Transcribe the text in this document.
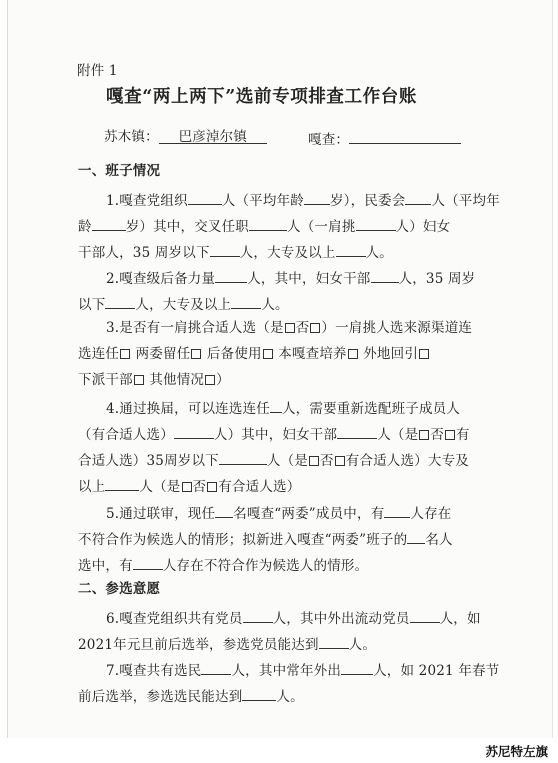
附件 1
嘎查“两上两下”选前专项排查工作台账
苏木镇： 巴彦淖尔镇	嘎查：
一、班子情况
1.嘎查党组织	人（平均年龄 岁），民委会 人（平均年
龄	岁）其中，交叉任职	人（一肩挑	人）妇女
干部人，35 周岁以下 人，大专及以上 人。
2.嘎查级后备力量 人，其中，妇女干部 人，35 周岁
以下 人，大专及以上 人。
3.是否有一肩挑合适人选（是 否 ）一肩挑人选来源渠道连
选连任 两委留任 后备使用 本嘎查培养 外地回引
下派干部 其他情况 ）
4.通过换届，可以连选连任 人，需要重新选配班子成员人
（有合适人选）	人）其中，妇女干部	人（是 否 有
合适人选）35周岁以下	人（是 否 有合适人选）大专及
以上	人（是 否 有合适人选）
5.通过联审，现任 名嘎查“两委”成员中，有 人存在
不符合作为候选人的情形；拟新进入嘎查“两委”班子的 名人
选中，有 人存在不符合作为候选人的情形。
二、参选意愿
6.嘎查党组织共有党员 人，其中外出流动党员 人，如
2021年元旦前后选举，参选党员能达到 人。
7.嘎查共有选民 人，其中常年外出 人，如 2021 年春节
前后选举，参选选民能达到	人。
苏尼特左旗
